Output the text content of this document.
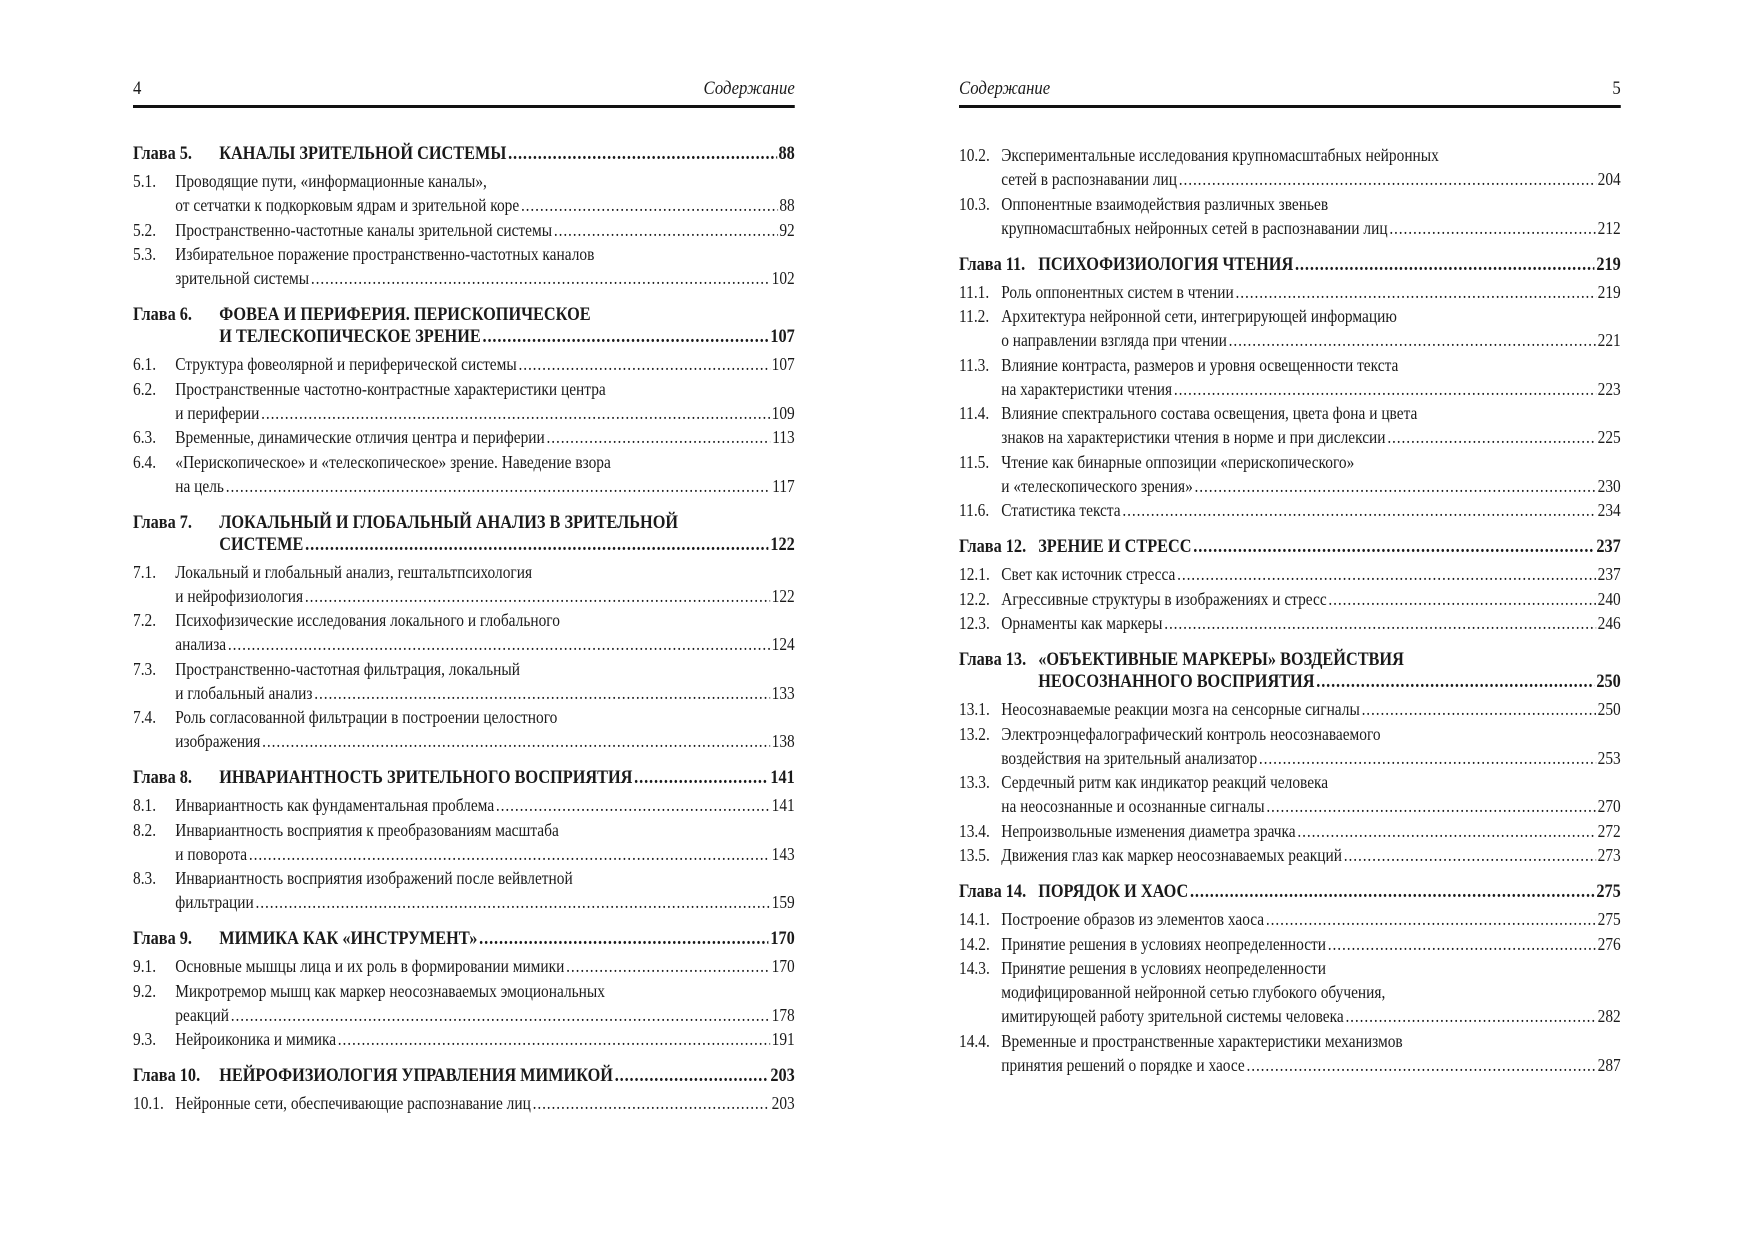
4	Содержание
Глава 5.	КАНАЛЫ ЗРИТЕЛЬНОЙ СИСТЕМЫ .....	88
5.1.	Проводящие пути, «информационные каналы»,
от сетчатки к подкорковым ядрам и зрительной коре .....	88
5.2.	Пространственно-частотные каналы зрительной системы .....	92
5.3.	Избирательное поражение пространственно-частотных каналов
зрительной системы .....	102
Глава 6.	ФОВЕА И ПЕРИФЕРИЯ. ПЕРИСКОПИЧЕСКОЕ
И ТЕЛЕСКОПИЧЕСКОЕ ЗРЕНИЕ .....	107
6.1.	Структура фовеолярной и периферической системы .....	107
6.2.	Пространственные частотно-контрастные характеристики центра
и периферии .....	109
6.3.	Временные, динамические отличия центра и периферии .....	113
6.4.	«Перископическое» и «телескопическое» зрение. Наведение взора
на цель .....	117
Глава 7.	ЛОКАЛЬНЫЙ И ГЛОБАЛЬНЫЙ АНАЛИЗ В ЗРИТЕЛЬНОЙ
СИСТЕМЕ .....	122
7.1.	Локальный и глобальный анализ, гештальтпсихология
и нейрофизиология .....	122
7.2.	Психофизические исследования локального и глобального
анализа .....	124
7.3.	Пространственно-частотная фильтрация, локальный
и глобальный анализ .....	133
7.4.	Роль согласованной фильтрации в построении целостного
изображения .....	138
Глава 8.	ИНВАРИАНТНОСТЬ ЗРИТЕЛЬНОГО ВОСПРИЯТИЯ .....	141
8.1.	Инвариантность как фундаментальная проблема .....	141
8.2.	Инвариантность восприятия к преобразованиям масштаба
и поворота .....	143
8.3.	Инвариантность восприятия изображений после вейвлетной
фильтрации .....	159
Глава 9.	МИМИКА КАК «ИНСТРУМЕНТ» .....	170
9.1.	Основные мышцы лица и их роль в формировании мимики .....	170
9.2.	Микротремор мышц как маркер неосознаваемых эмоциональных
реакций .....	178
9.3.	Нейроиконика и мимика .....	191
Глава 10.	НЕЙРОФИЗИОЛОГИЯ УПРАВЛЕНИЯ МИМИКОЙ .....	203
10.1. Нейронные сети, обеспечивающие распознавание лиц .....	203
Содержание	5
10.2. Экспериментальные исследования крупномасштабных нейронных
сетей в распознавании лиц .....	204
10.3. Оппонентные взаимодействия различных звеньев
крупномасштабных нейронных сетей в распознавании лиц .....	212
Глава 11. ПСИХОФИЗИОЛОГИЯ ЧТЕНИЯ .....	219
11.1. Роль оппонентных систем в чтении .....	219
11.2. Архитектура нейронной сети, интегрирующей информацию
о направлении взгляда при чтении .....	221
11.3. Влияние контраста, размеров и уровня освещенности текста
на характеристики чтения .....	223
11.4. Влияние спектрального состава освещения, цвета фона и цвета
знаков на характеристики чтения в норме и при дислексии .....	225
11.5. Чтение как бинарные оппозиции «перископического»
и «телескопического зрения» .....	230
11.6. Статистика текста .....	234
Глава 12. ЗРЕНИЕ И СТРЕСС .....	237
12.1. Свет как источник стресса .....	237
12.2. Агрессивные структуры в изображениях и стресс .....	240
12.3. Орнаменты как маркеры .....	246
Глава 13. «ОБЪЕКТИВНЫЕ МАРКЕРЫ» ВОЗДЕЙСТВИЯ
НЕОСОЗНАННОГО ВОСПРИЯТИЯ .....	250
13.1. Неосознаваемые реакции мозга на сенсорные сигналы .....	250
13.2. Электроэнцефалографический контроль неосознаваемого
воздействия на зрительный анализатор .....	253
13.3. Сердечный ритм как индикатор реакций человека
на неосознанные и осознанные сигналы .....	270
13.4. Непроизвольные изменения диаметра зрачка .....	272
13.5. Движения глаз как маркер неосознаваемых реакций .....	273
Глава 14. ПОРЯДОК И ХАОС .....	275
14.1. Построение образов из элементов хаоса .....	275
14.2. Принятие решения в условиях неопределенности .....	276
14.3. Принятие решения в условиях неопределенности
модифицированной нейронной сетью глубокого обучения,
имитирующей работу зрительной системы человека .....	282
14.4. Временные и пространственные характеристики механизмов
принятия решений о порядке и хаосе .....	287
